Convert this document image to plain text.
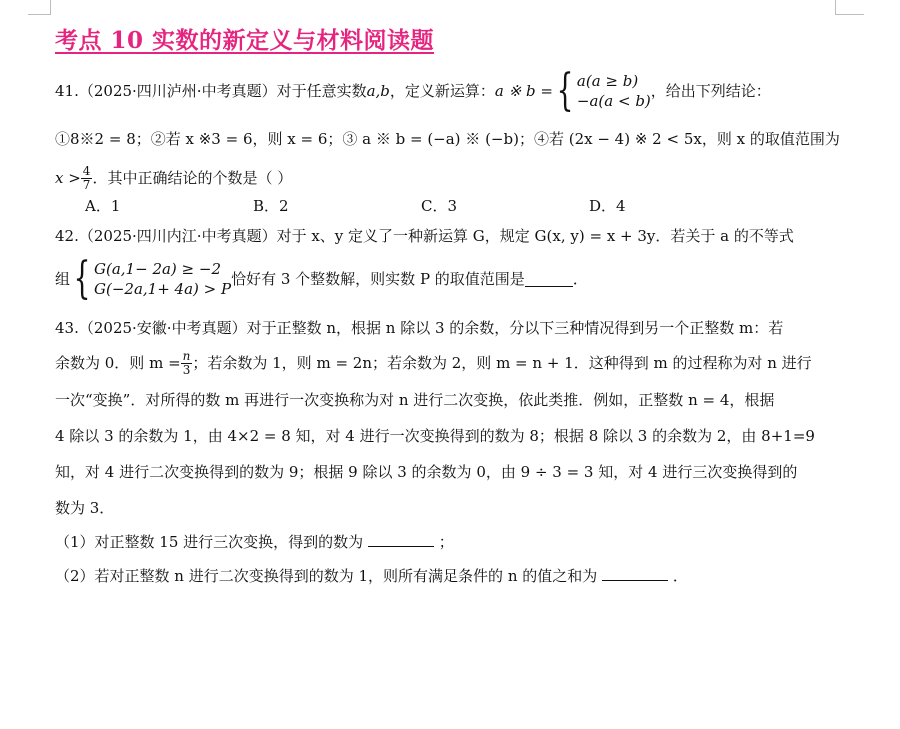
考点 10 实数的新定义与材料阅读题
41.（2025·四川泸州·中考真题）对于任意实数 a,b ，定义新运算： a ※ b = { a(a ≥ b)
−a(a < b)
，给出下列结论：
①8※2 = 8；②若 x ※3 = 6，则 x = 6；③ a ※ b = (−a) ※ (−b)；④若 (2x − 4) ※ 2 < 5x，则 x 的取值范围为
$x > \frac{4}{7}$ ．其中正确结论的个数是（ ）
A．1	B．2	C．3	D．4
42.（2025·四川内江·中考真题）对于 x、y 定义了一种新运算 G，规定 G(x, y) = x + 3y．若关于 a 的不等式
组 { G(a,1− 2a) ≥ −2
G(−2a,1+ 4a) > P
恰好有 3 个整数解，则实数 P 的取值范围是	．
43.（2025·安徽·中考真题）对于正整数 n，根据 n 除以 3 的余数，分以下三种情况得到另一个正整数 m：若
余数为 0．则 $m = \frac{n}{3}$ ；若余数为 1，则 m = 2n；若余数为 2，则 m = n + 1．这种得到 m 的过程称为对 n 进行
一次“变换”．对所得的数 m 再进行一次变换称为对 n 进行二次变换，依此类推．例如，正整数 n = 4，根据
4 除以 3 的余数为 1，由 4×2 = 8 知，对 4 进行一次变换得到的数为 8；根据 8 除以 3 的余数为 2，由 8+1=9
知，对 4 进行二次变换得到的数为 9；根据 9 除以 3 的余数为 0，由 9 ÷ 3 = 3 知，对 4 进行三次变换得到的
数为 3．
（1）对正整数 15 进行三次变换，得到的数为	；
（2）若对正整数 n 进行二次变换得到的数为 1，则所有满足条件的 n 的值之和为	．
